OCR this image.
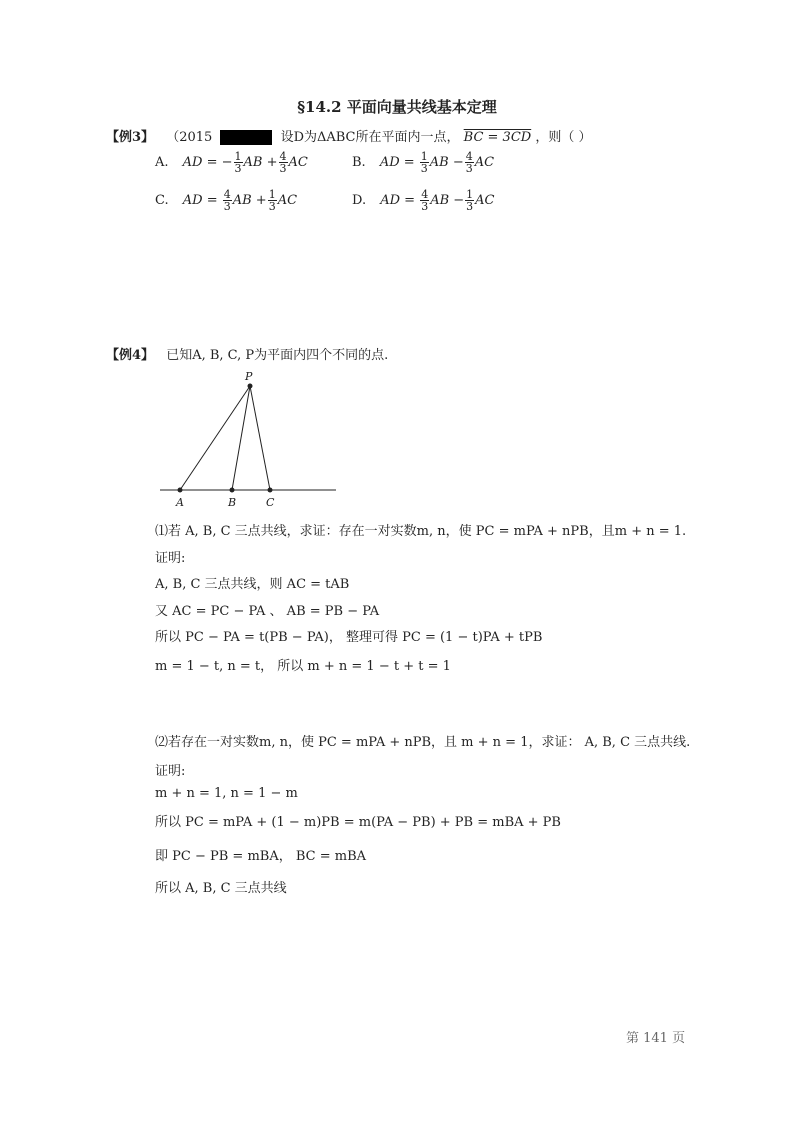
§14.2 平面向量共线基本定理
【例3】 （2015	设D为ΔABC所在平面内一点， BC = 3CD ，则（ ）
A. AD = − $\frac{1}{3}$ AB + $\frac{4}{3}$ AC	B. AD = $\frac{1}{3}$ AB − $\frac{4}{3}$ AC
C. AD = $\frac{4}{3}$ AB + $\frac{1}{3}$ AC	D. AD = $\frac{4}{3}$ AB − $\frac{1}{3}$ AC
【例4】 已知A, B, C, P为平面内四个不同的点.
P
A	B	C
⑴若 A, B, C 三点共线，求证：存在一对实数m, n，使 PC = mPA + nPB，且m + n = 1.
证明:
A, B, C 三点共线，则 AC = tAB
又 AC = PC − PA 、 AB = PB − PA
所以 PC − PA = t(PB − PA)， 整理可得 PC = (1 − t)PA + tPB
m = 1 − t, n = t， 所以 m + n = 1 − t + t = 1
⑵若存在一对实数m, n，使 PC = mPA + nPB，且 m + n = 1，求证： A, B, C 三点共线.
证明:
m + n = 1, n = 1 − m
所以 PC = mPA + (1 − m)PB = m(PA − PB) + PB = mBA + PB
即 PC − PB = mBA， BC = mBA
所以 A, B, C 三点共线
第 141 页
